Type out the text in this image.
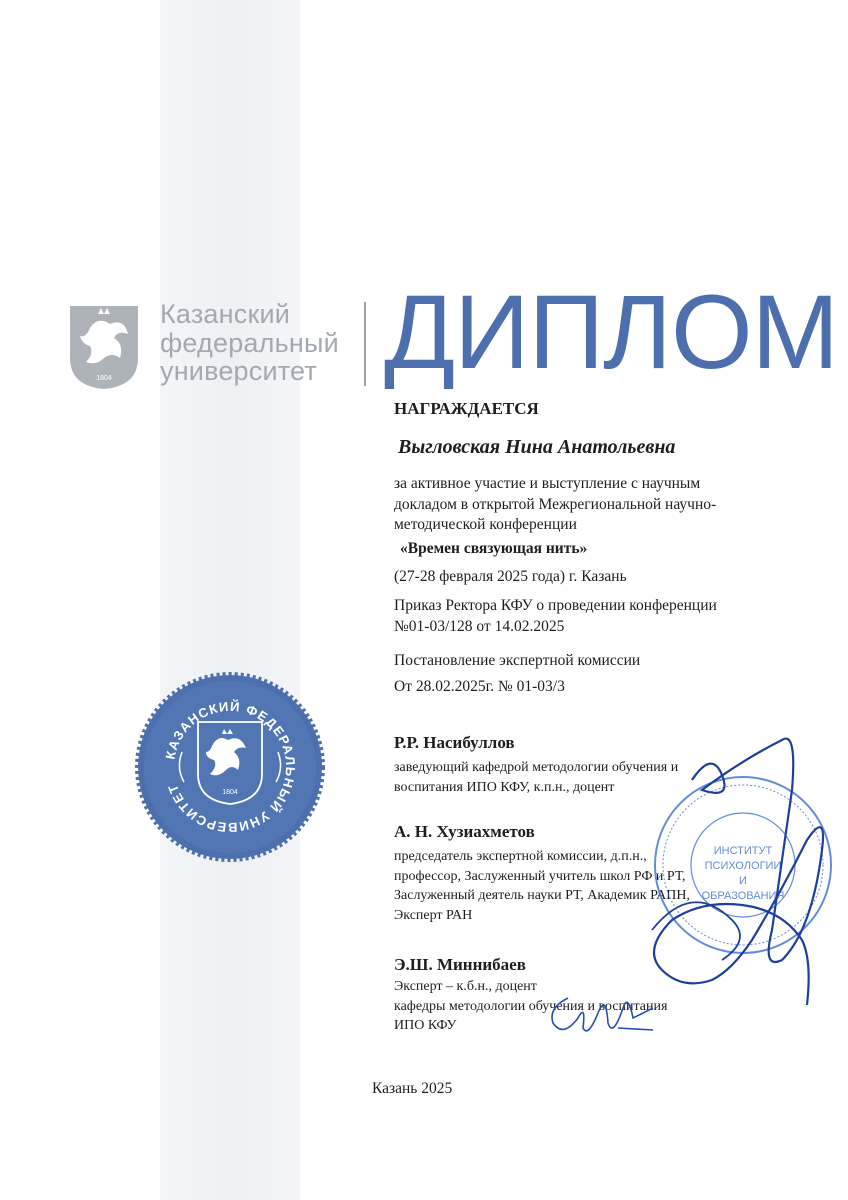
1804
Казанский
федеральный
университет ДИПЛОМ
КАЗАНСКИЙ ФЕДЕРАЛЬНЫЙ УНИВЕРСИТЕТ	1804
НАГРАЖДАЕТСЯ
Выгловская Нина Анатольевна
за активное участие и выступление с научным
докладом в открытой Межрегиональной научно-
методической конференции
«Времен связующая нить»
(27-28 февраля 2025 года) г. Казань
Приказ Ректора КФУ о проведении конференции
№01-03/128 от 14.02.2025
Постановление экспертной комиссии
От 28.02.2025г. № 01-03/3
Р.Р. Насибуллов
заведующий кафедрой методологии обучения и
воспитания ИПО КФУ, к.п.н., доцент
А. Н. Хузиахметов
председатель экспертной комиссии, д.п.н.,
профессор, Заслуженный учитель школ РФ и РТ,
Заслуженный деятель науки РТ, Академик РАПН,
Эксперт РАН
Э.Ш. Миннибаев
Эксперт – к.б.н., доцент
кафедры методологии обучения и воспитания
ИПО КФУ
Казань 2025
ИНСТИТУТ
ПСИХОЛОГИИ
И
ОБРАЗОВАНИЯ
